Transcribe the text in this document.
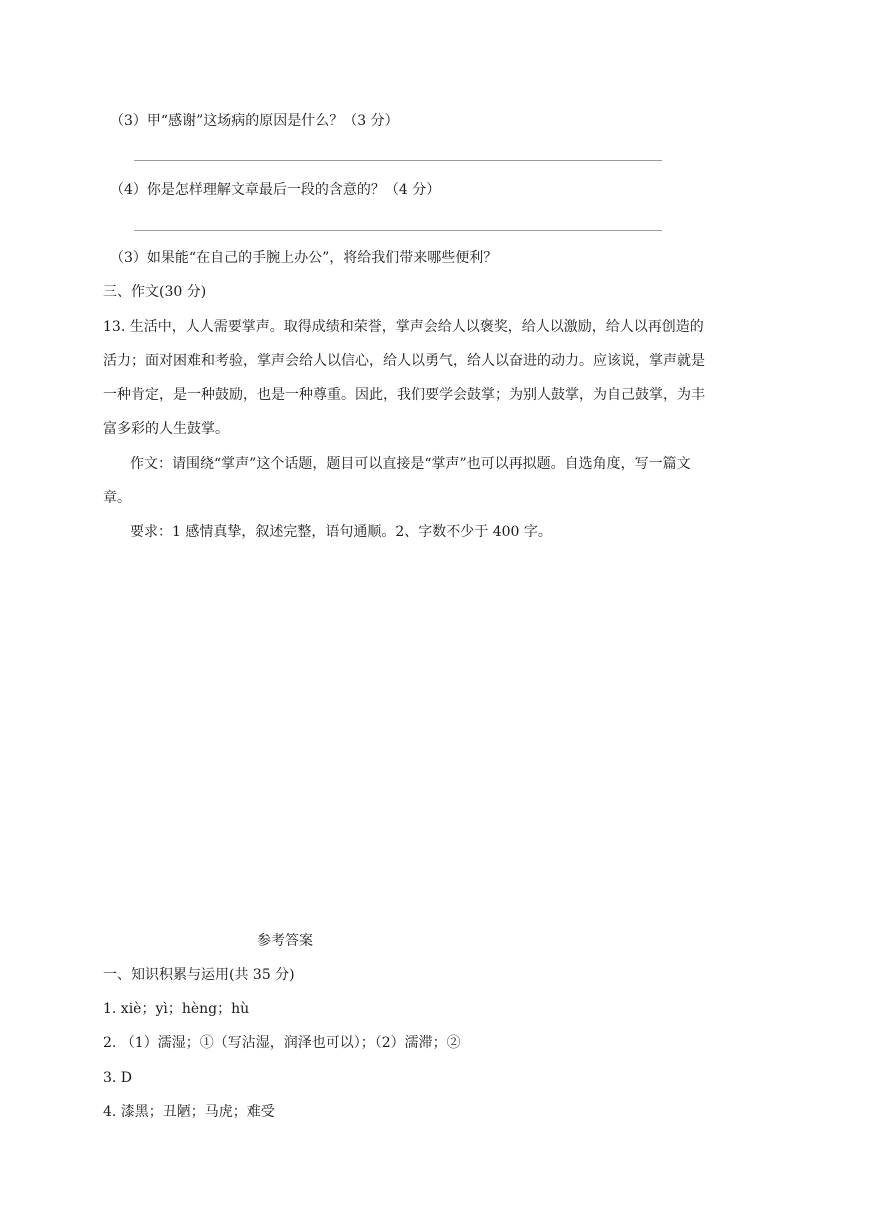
（3）甲“感谢”这场病的原因是什么？（3 分）
（4）你是怎样理解文章最后一段的含意的？（4 分）
（3）如果能“在自己的手腕上办公”，将给我们带来哪些便利？
三、作文(30 分)
13. 生活中，人人需要掌声。取得成绩和荣誉，掌声会给人以褒奖，给人以激励，给人以再创造的
活力；面对困难和考验，掌声会给人以信心，给人以勇气，给人以奋进的动力。应该说，掌声就是
一种肯定，是一种鼓励，也是一种尊重。因此，我们要学会鼓掌；为别人鼓掌，为自己鼓掌，为丰
富多彩的人生鼓掌。
作文：请围绕“掌声”这个话题，题目可以直接是“掌声”也可以再拟题。自选角度，写一篇文
章。
要求：1 感情真挚，叙述完整，语句通顺。2、字数不少于 400 字。
参考答案
一、知识积累与运用(共 35 分)
1. xiè；yì；hèng；hù
2. （1）濡湿；①（写沾湿，润泽也可以）；（2）濡滞；②
3. D
4. 漆黑；丑陋；马虎；难受
